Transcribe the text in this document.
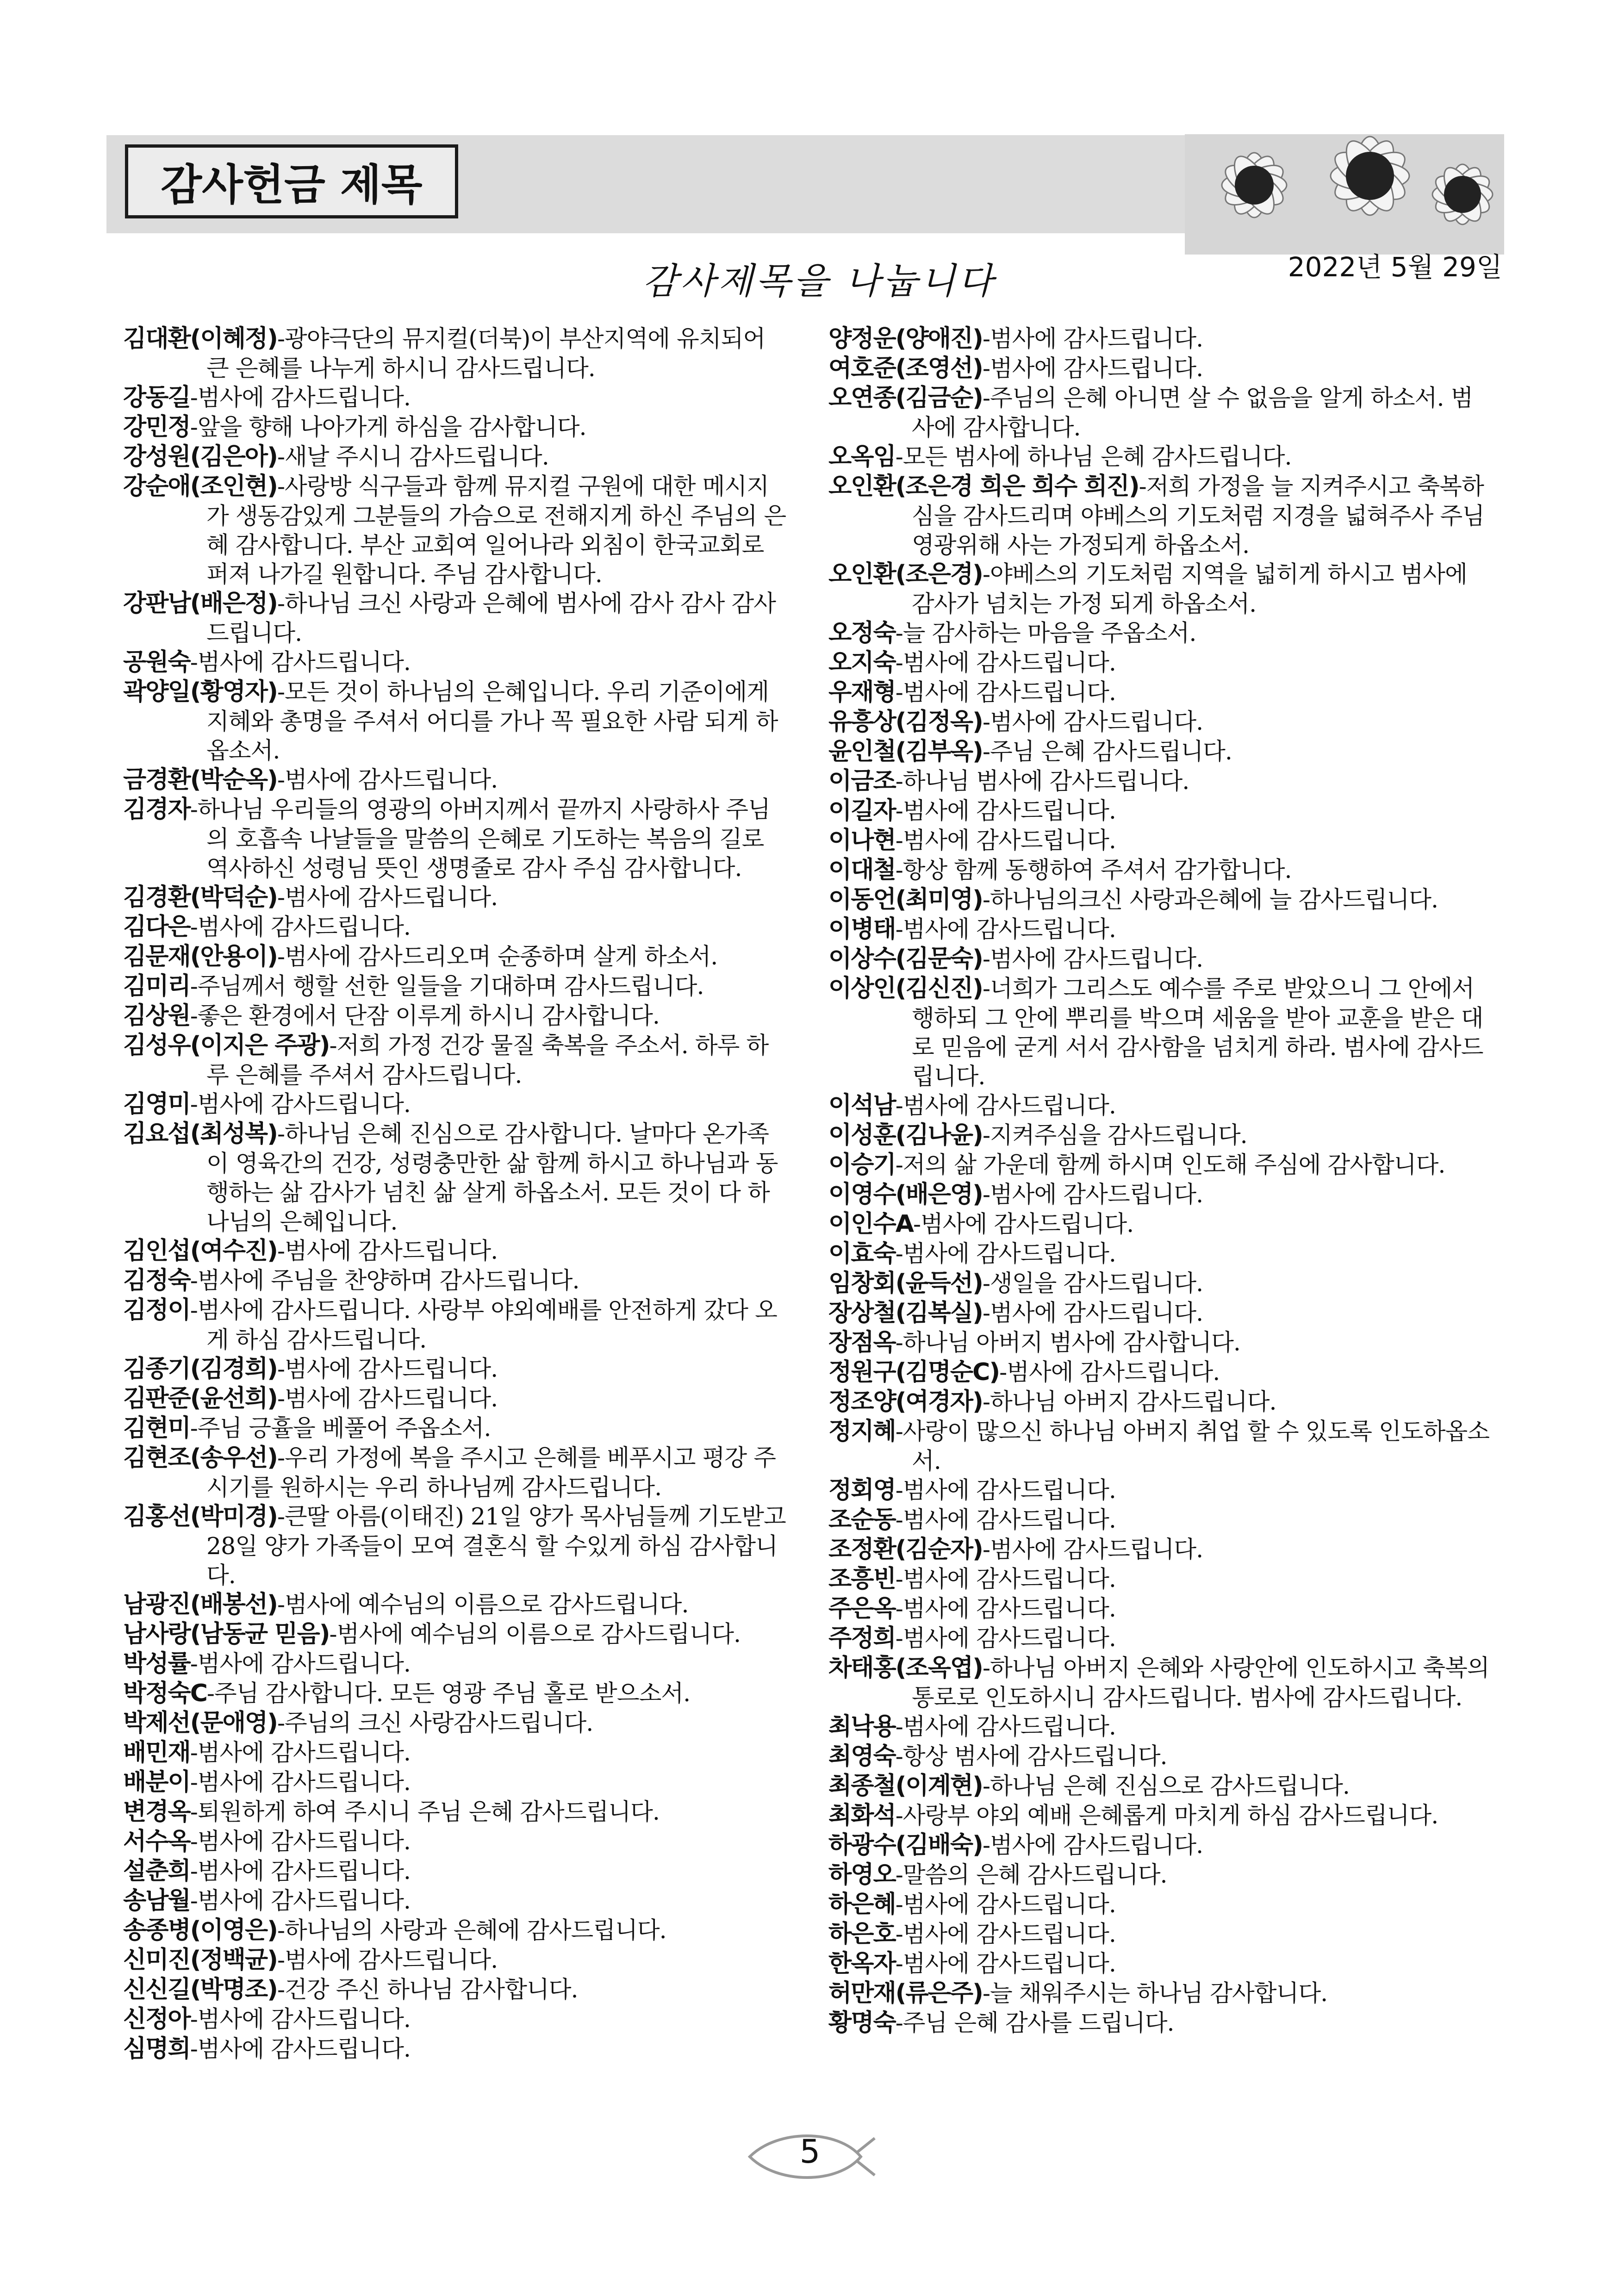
감사헌금 제목
감사제목을 나눕니다	2022년 5월 29일
김대환(이혜정)-광야극단의 뮤지컬(더북)이 부산지역에 유치되어 큰 은혜를 나누게 하시니 감사드립니다.
강동길-범사에 감사드립니다.
강민정-앞을 향해 나아가게 하심을 감사합니다.
강성원(김은아)-새날 주시니 감사드립니다.
강순애(조인현)-사랑방 식구들과 함께 뮤지컬 구원에 대한 메시지가 생동감있게 그분들의 가슴으로 전해지게 하신 주님의 은혜 감사합니다. 부산 교회여 일어나라 외침이 한국교회로 퍼져 나가길 원합니다. 주님 감사합니다.
강판남(배은정)-하나님 크신 사랑과 은혜에 범사에 감사 감사 감사드립니다.
공원숙-범사에 감사드립니다.
곽양일(황영자)-모든 것이 하나님의 은혜입니다. 우리 기준이에게 지혜와 총명을 주셔서 어디를 가나 꼭 필요한 사람 되게 하옵소서.
금경환(박순옥)-범사에 감사드립니다.
김경자-하나님 우리들의 영광의 아버지께서 끝까지 사랑하사 주님의 호흡속 나날들을 말씀의 은혜로 기도하는 복음의 길로 역사하신 성령님 뜻인 생명줄로 감사 주심 감사합니다.
김경환(박덕순)-범사에 감사드립니다.
김다은-범사에 감사드립니다.
김문재(안용이)-범사에 감사드리오며 순종하며 살게 하소서.
김미리-주님께서 행할 선한 일들을 기대하며 감사드립니다.
김상원-좋은 환경에서 단잠 이루게 하시니 감사합니다.
김성우(이지은 주광)-저희 가정 건강 물질 축복을 주소서. 하루 하루 은혜를 주셔서 감사드립니다.
김영미-범사에 감사드립니다.
김요섭(최성복)-하나님 은혜 진심으로 감사합니다. 날마다 온가족이 영육간의 건강, 성령충만한 삶 함께 하시고 하나님과 동행하는 삶 감사가 넘친 삶 살게 하옵소서. 모든 것이 다 하나님의 은혜입니다.
김인섭(여수진)-범사에 감사드립니다.
김정숙-범사에 주님을 찬양하며 감사드립니다.
김정이-범사에 감사드립니다. 사랑부 야외예배를 안전하게 갔다 오게 하심 감사드립니다.
김종기(김경희)-범사에 감사드립니다.
김판준(윤선희)-범사에 감사드립니다.
김현미-주님 긍휼을 베풀어 주옵소서.
김현조(송우선)-우리 가정에 복을 주시고 은혜를 베푸시고 평강 주시기를 원하시는 우리 하나님께 감사드립니다.
김홍선(박미경)-큰딸 아름(이태진) 21일 양가 목사님들께 기도받고 28일 양가 가족들이 모여 결혼식 할 수있게 하심 감사합니다.
남광진(배봉선)-범사에 예수님의 이름으로 감사드립니다.
남사랑(남동균 믿음)-범사에 예수님의 이름으로 감사드립니다.
박성률-범사에 감사드립니다.
박정숙C-주님 감사합니다. 모든 영광 주님 홀로 받으소서.
박제선(문애영)-주님의 크신 사랑감사드립니다.
배민재-범사에 감사드립니다.
배분이-범사에 감사드립니다.
변경옥-퇴원하게 하여 주시니 주님 은혜 감사드립니다.
서수옥-범사에 감사드립니다.
설춘희-범사에 감사드립니다.
송남월-범사에 감사드립니다.
송종병(이영은)-하나님의 사랑과 은혜에 감사드립니다.
신미진(정백균)-범사에 감사드립니다.
신신길(박명조)-건강 주신 하나님 감사합니다.
신정아-범사에 감사드립니다.
심명희-범사에 감사드립니다.
양정운(양애진)-범사에 감사드립니다.
여호준(조영선)-범사에 감사드립니다.
오연종(김금순)-주님의 은혜 아니면 살 수 없음을 알게 하소서. 범사에 감사합니다.
오옥임-모든 범사에 하나님 은혜 감사드립니다.
오인환(조은경 희은 희수 희진)-저희 가정을 늘 지켜주시고 축복하심을 감사드리며 야베스의 기도처럼 지경을 넓혀주사 주님 영광위해 사는 가정되게 하옵소서.
오인환(조은경)-야베스의 기도처럼 지역을 넓히게 하시고 범사에 감사가 넘치는 가정 되게 하옵소서.
오정숙-늘 감사하는 마음을 주옵소서.
오지숙-범사에 감사드립니다.
우재형-범사에 감사드립니다.
유흥상(김정옥)-범사에 감사드립니다.
윤인철(김부옥)-주님 은혜 감사드립니다.
이금조-하나님 범사에 감사드립니다.
이길자-범사에 감사드립니다.
이나현-범사에 감사드립니다.
이대철-항상 함께 동행하여 주셔서 감가합니다.
이동언(최미영)-하나님의크신 사랑과은혜에 늘 감사드립니다.
이병태-범사에 감사드립니다.
이상수(김문숙)-범사에 감사드립니다.
이상인(김신진)-너희가 그리스도 예수를 주로 받았으니 그 안에서 행하되 그 안에 뿌리를 박으며 세움을 받아 교훈을 받은 대로 믿음에 굳게 서서 감사함을 넘치게 하라. 범사에 감사드립니다.
이석남-범사에 감사드립니다.
이성훈(김나윤)-지켜주심을 감사드립니다.
이승기-저의 삶 가운데 함께 하시며 인도해 주심에 감사합니다.
이영수(배은영)-범사에 감사드립니다.
이인수A-범사에 감사드립니다.
이효숙-범사에 감사드립니다.
임창회(윤득선)-생일을 감사드립니다.
장상철(김복실)-범사에 감사드립니다.
장점옥-하나님 아버지 범사에 감사합니다.
정원구(김명순C)-범사에 감사드립니다.
정조양(여경자)-하나님 아버지 감사드립니다.
정지혜-사랑이 많으신 하나님 아버지 취업 할 수 있도록 인도하옵소서.
정회영-범사에 감사드립니다.
조순동-범사에 감사드립니다.
조정환(김순자)-범사에 감사드립니다.
조흥빈-범사에 감사드립니다.
주은옥-범사에 감사드립니다.
주정희-범사에 감사드립니다.
차태홍(조옥엽)-하나님 아버지 은혜와 사랑안에 인도하시고 축복의 통로로 인도하시니 감사드립니다. 범사에 감사드립니다.
최낙용-범사에 감사드립니다.
최영숙-항상 범사에 감사드립니다.
최종철(이계현)-하나님 은혜 진심으로 감사드립니다.
최화석-사랑부 야외 예배 은혜롭게 마치게 하심 감사드립니다.
하광수(김배숙)-범사에 감사드립니다.
하영오-말씀의 은혜 감사드립니다.
하은혜-범사에 감사드립니다.
하은호-범사에 감사드립니다.
한옥자-범사에 감사드립니다.
허만재(류은주)-늘 채워주시는 하나님 감사합니다.
황명숙-주님 은혜 감사를 드립니다.
5
